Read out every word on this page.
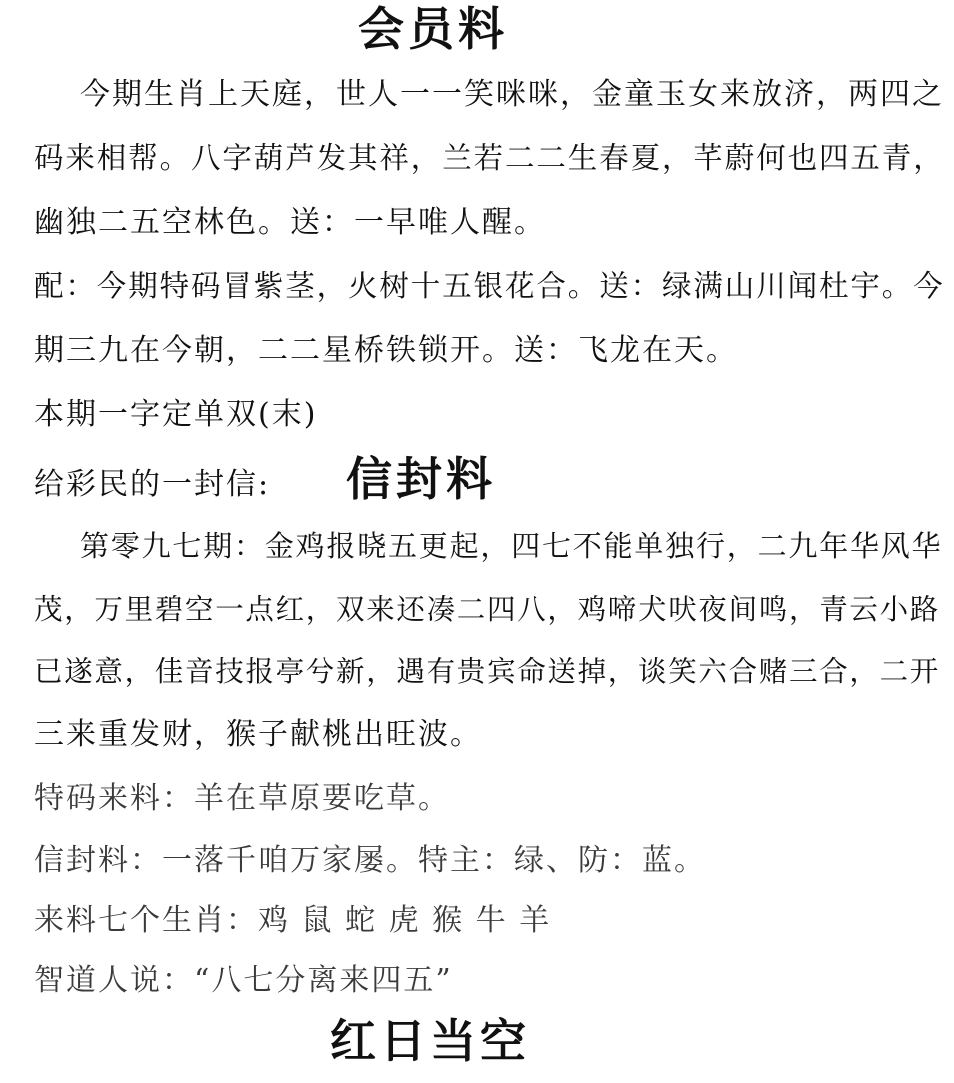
会员料
今期生肖上天庭，世人一一笑咪咪，金童玉女来放济，两四之
码来相帮。八字葫芦发其祥，兰若二二生春夏，芊蔚何也四五青，
幽独二五空林色。送：一早唯人醒。
配：今期特码冒紫茎，火树十五银花合。送：绿满山川闻杜宇。今
期三九在今朝，二二星桥铁锁开。送：飞龙在天。
本期一字定单双(末)
给彩民的一封信: 信封料
第零九七期：金鸡报晓五更起，四七不能单独行，二九年华风华
茂，万里碧空一点红，双来还凑二四八，鸡啼犬吠夜间鸣，青云小路
已遂意，佳音技报亭兮新，遇有贵宾命送掉，谈笑六合赌三合，二开
三来重发财，猴子献桃出旺波。
特码来料：羊在草原要吃草。
信封料：一落千咱万家屡。特主：绿、防：蓝。
来料七个生肖：鸡 鼠 蛇 虎 猴 牛 羊
智道人说：“八七分离来四五”
红日当空
